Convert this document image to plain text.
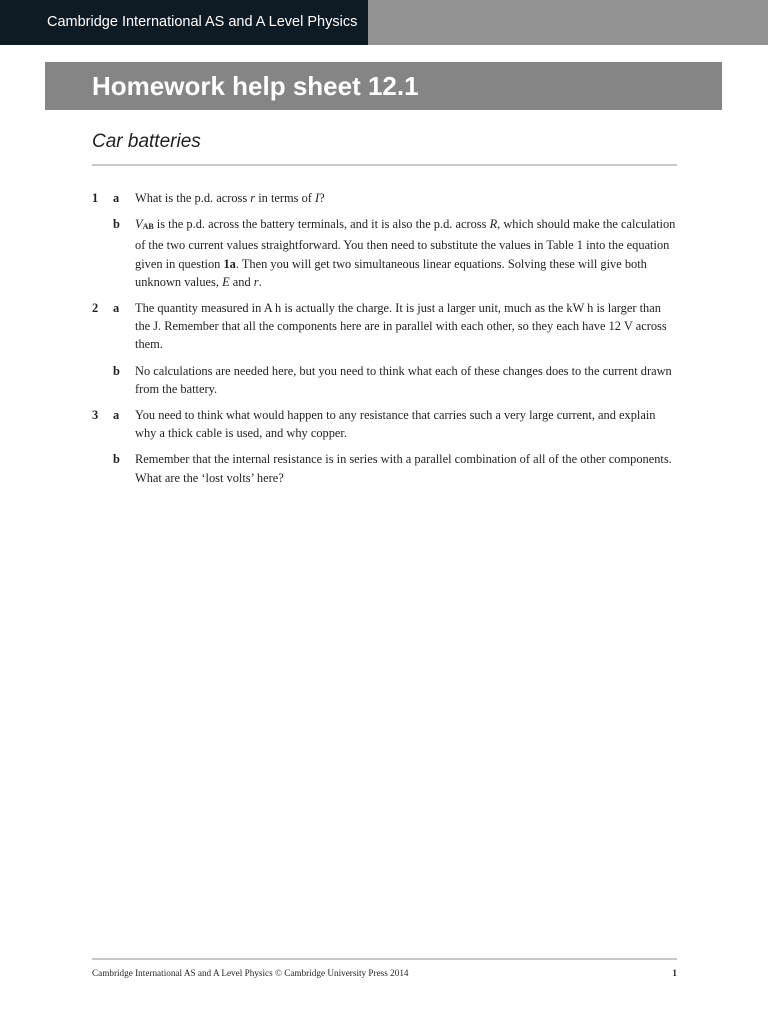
Cambridge International AS and A Level Physics
Homework help sheet 12.1
Car batteries
1 a What is the p.d. across r in terms of I?
b VAB is the p.d. across the battery terminals, and it is also the p.d. across R, which should make the calculation of the two current values straightforward. You then need to substitute the values in Table 1 into the equation given in question 1a. Then you will get two simultaneous linear equations. Solving these will give both unknown values, E and r.
2 a The quantity measured in A h is actually the charge. It is just a larger unit, much as the kW h is larger than the J. Remember that all the components here are in parallel with each other, so they each have 12 V across them.
b No calculations are needed here, but you need to think what each of these changes does to the current drawn from the battery.
3 a You need to think what would happen to any resistance that carries such a very large current, and explain why a thick cable is used, and why copper.
b Remember that the internal resistance is in series with a parallel combination of all of the other components. What are the ‘lost volts’ here?
Cambridge International AS and A Level Physics © Cambridge University Press 2014	1
